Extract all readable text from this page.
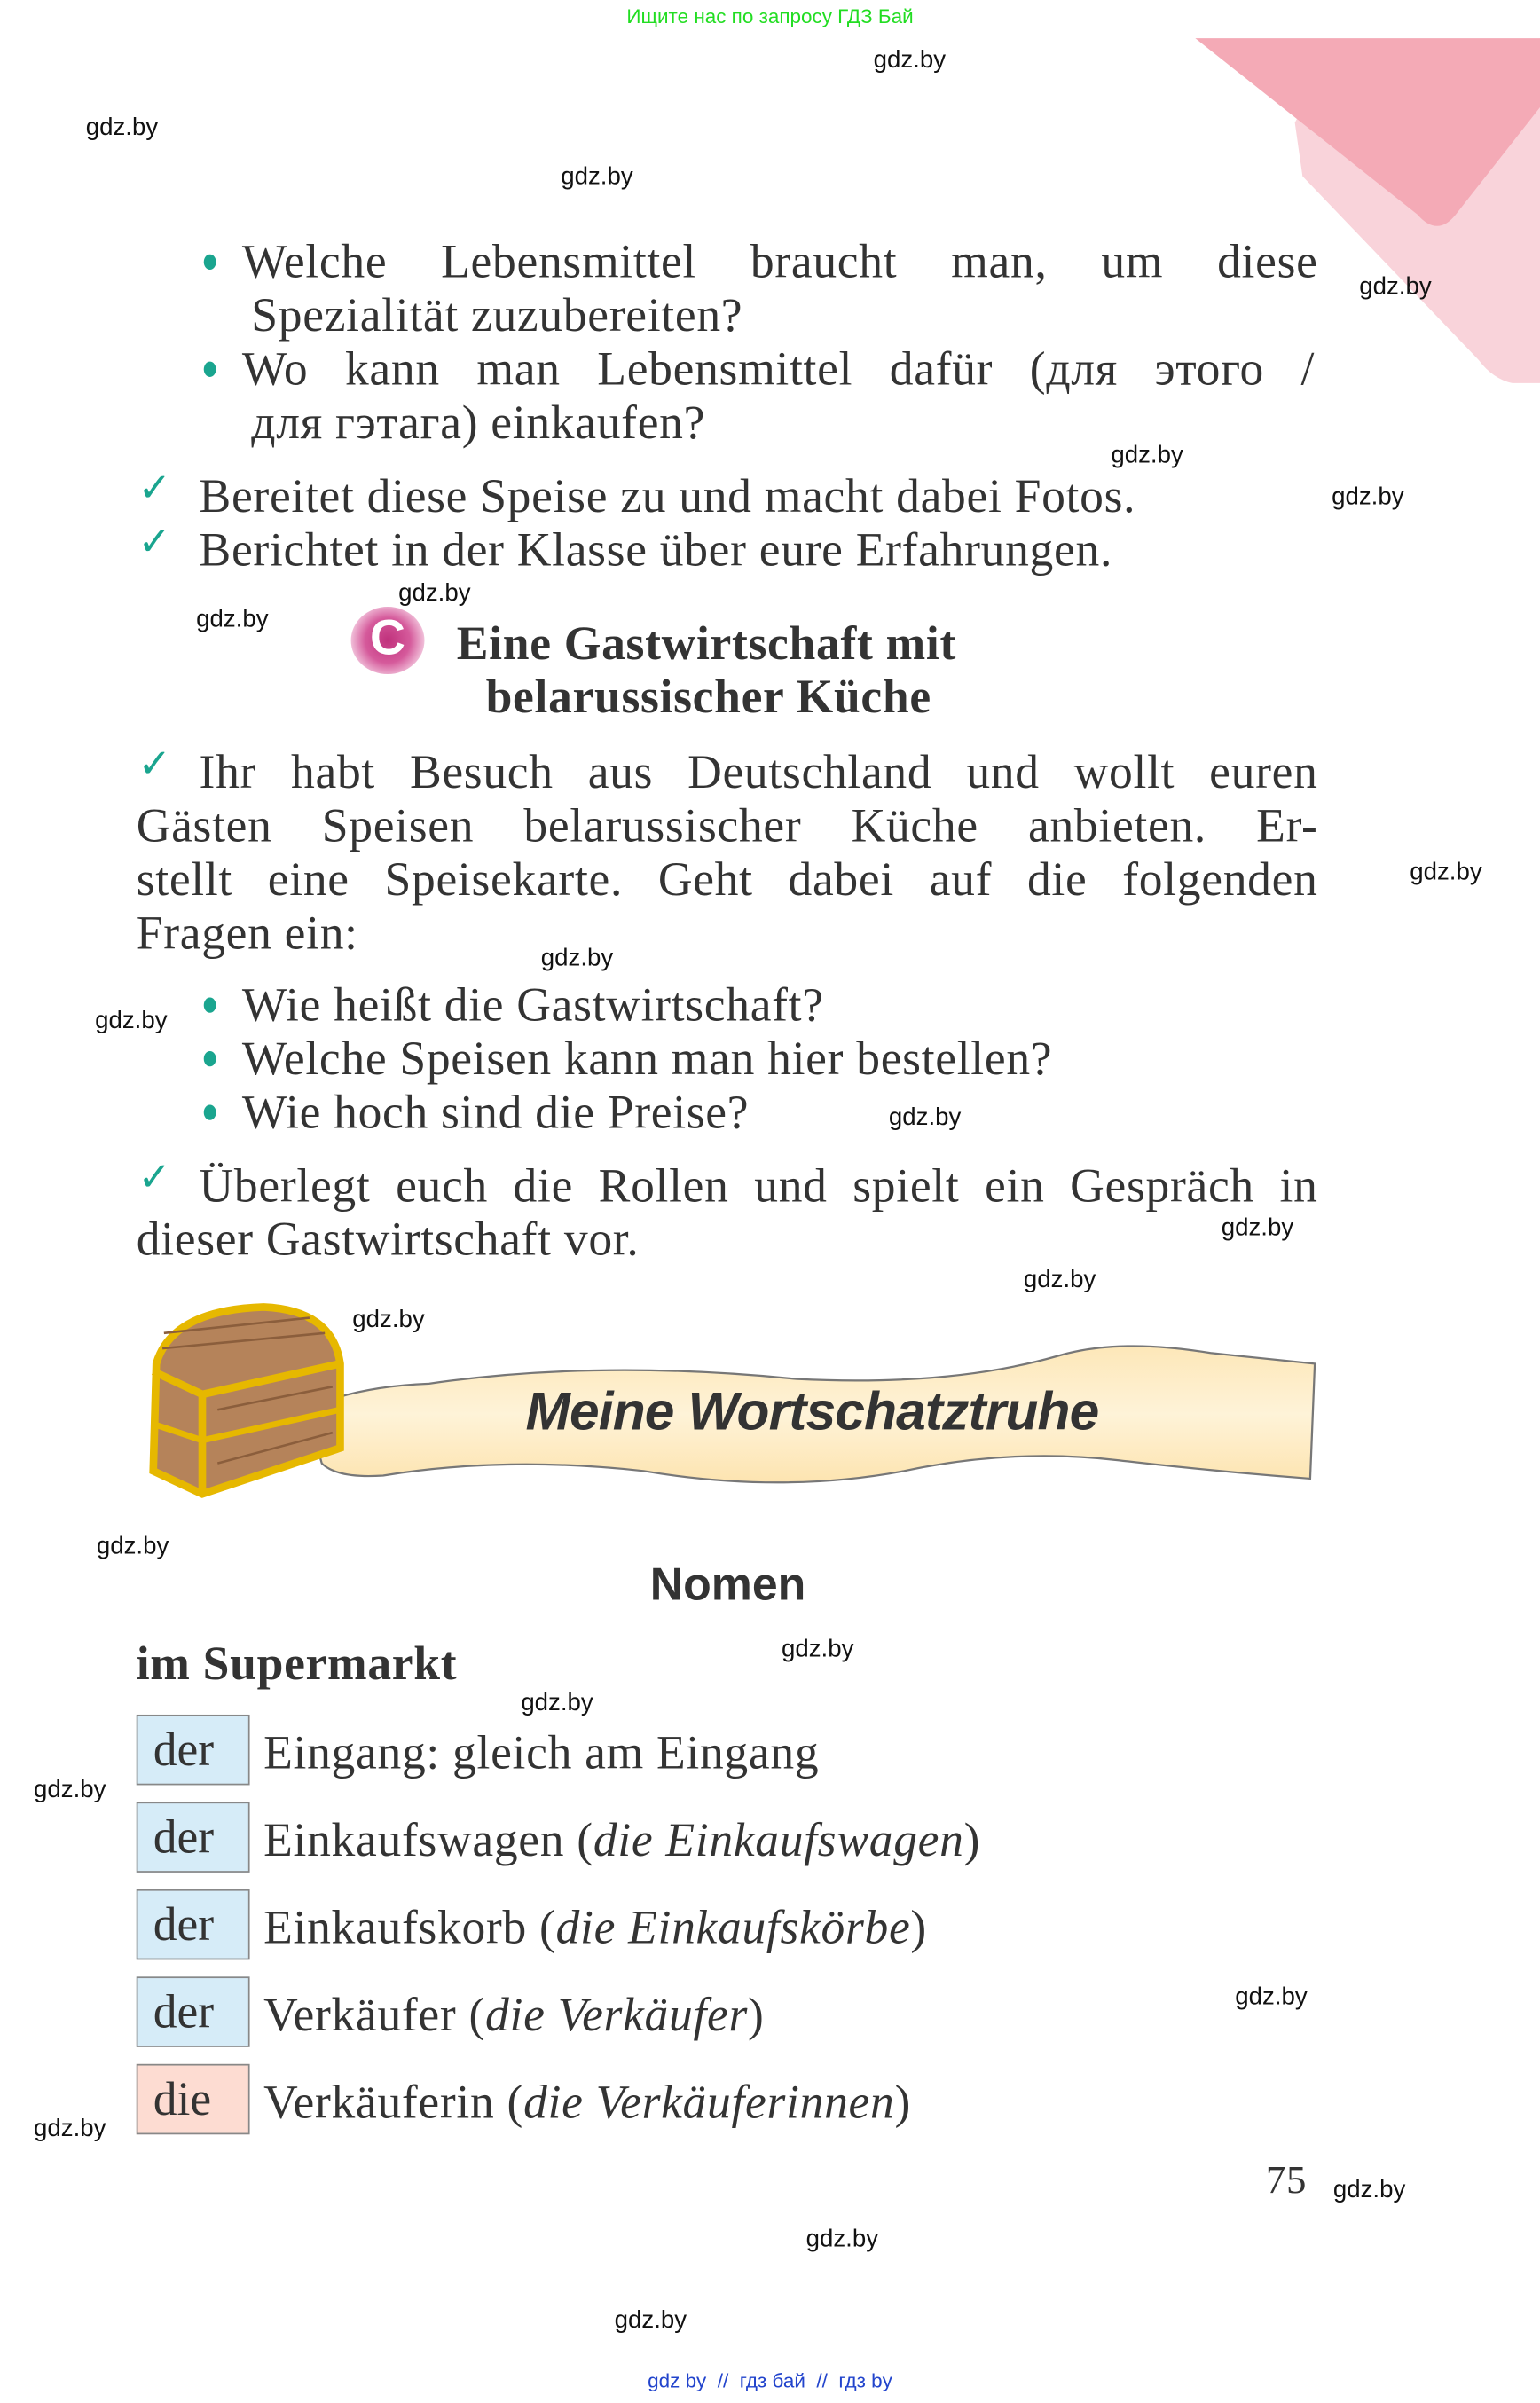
Ищите нас по запросу ГДЗ Бай
Welche Lebensmittel braucht man, um diese
Spezialität zuzubereiten?
Wo kann man Lebensmittel dafür (для этого /
для гэтага) einkaufen?
✓ Bereitet diese Speise zu und macht dabei Fotos.
✓ Berichtet in der Klasse über eure Erfahrungen.
C	Eine Gastwirtschaft mit
belarussischer Küche
✓ Ihr habt Besuch aus Deutschland und wollt euren
Gästen Speisen belarussischer Küche anbieten. Er-
stellt eine Speisekarte. Geht dabei auf die folgenden
Fragen ein:
Wie heißt die Gastwirtschaft?
Welche Speisen kann man hier bestellen?
Wie hoch sind die Preise?
✓ Überlegt euch die Rollen und spielt ein Gespräch in
dieser Gastwirtschaft vor.
Meine Wortschatztruhe
Nomen
im Supermarkt
der	Eingang: gleich am Eingang
der	Einkaufswagen (die Einkaufswagen)
der	Einkaufskorb (die Einkaufskörbe)
der	Verkäufer (die Verkäufer)
die	Verkäuferin (die Verkäuferinnen)
75
gdz by  //  гдз бай  //  гдз by
gdz.by
gdz.by
gdz.by
gdz.by
gdz.by
gdz.by
gdz.by
gdz.by
gdz.by
gdz.by
gdz.by
gdz.by
gdz.by
gdz.by
gdz.by
gdz.by
gdz.by
gdz.by
gdz.by
gdz.by
gdz.by
gdz.by
gdz.by
gdz.by
